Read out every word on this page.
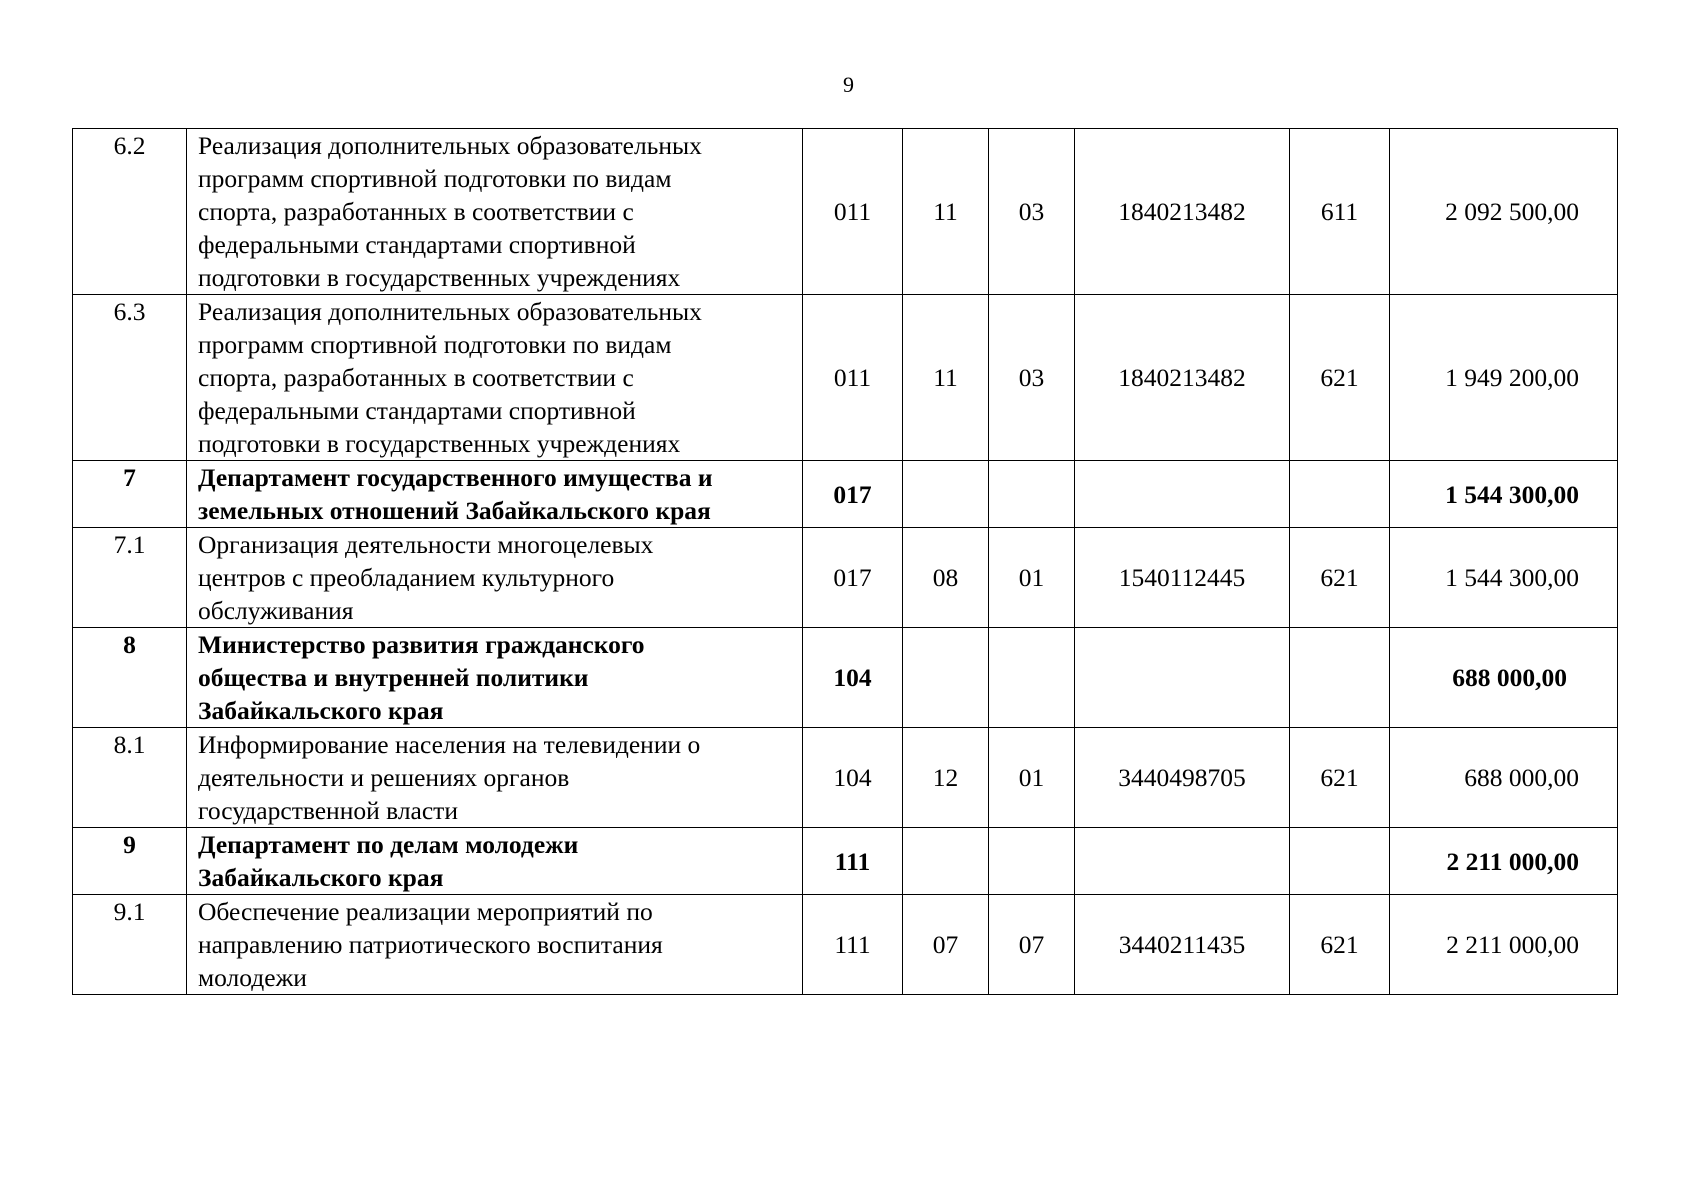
9
6.2	Реализация дополнительных образовательных
программ спортивной подготовки по видам
спорта, разработанных в соответствии с
федеральными стандартами спортивной
подготовки в государственных учреждениях	011	11	03	1840213482	611	2 092 500,00
6.3	Реализация дополнительных образовательных
программ спортивной подготовки по видам
спорта, разработанных в соответствии с
федеральными стандартами спортивной
подготовки в государственных учреждениях	011	11	03	1840213482	621	1 949 200,00
7	Департамент государственного имущества и
земельных отношений Забайкальского края	017					1 544 300,00
7.1	Организация деятельности многоцелевых
центров с преобладанием культурного
обслуживания	017	08	01	1540112445	621	1 544 300,00
8	Министерство развития гражданского
общества и внутренней политики
Забайкальского края	104					688 000,00
8.1	Информирование населения на телевидении о
деятельности и решениях органов
государственной власти	104	12	01	3440498705	621	688 000,00
9	Департамент по делам молодежи
Забайкальского края	111					2 211 000,00
9.1	Обеспечение реализации мероприятий по
направлению патриотического воспитания
молодежи	111	07	07	3440211435	621	2 211 000,00
